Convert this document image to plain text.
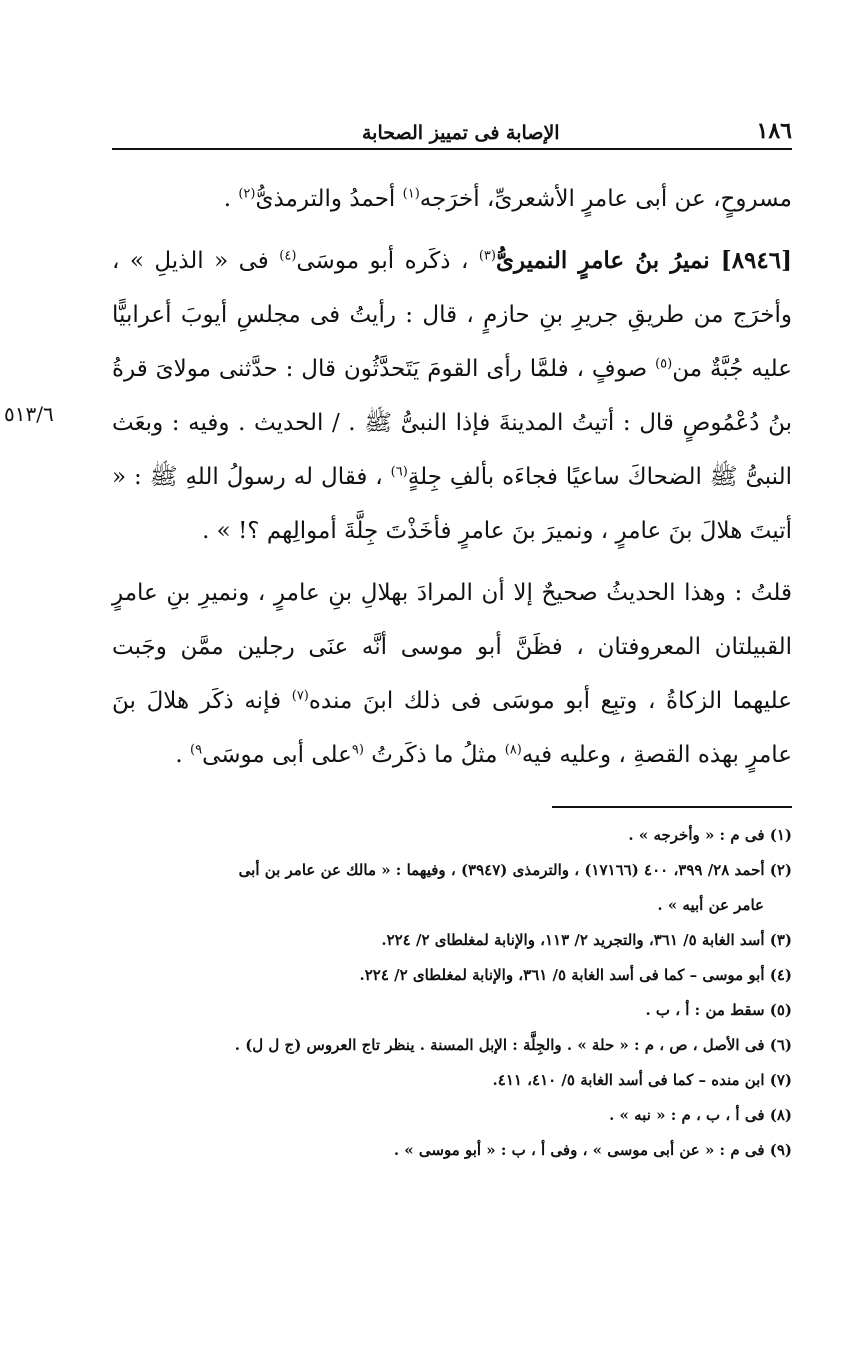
١٨٦
الإصابة فى تمييز الصحابة
٥١٣/٦

مسروحٍ، عن أبى عامرٍ الأشعرىِّ، أخرَجه$^{(١)}$ أحمدُ والترمذىُّ$^{(٢)}$ .

[٨٩٤٦] نميرُ بنُ عامرٍ النميرىُّ$^{(٣)}$ ، ذكَره أبو موسَى$^{(٤)}$ فى « الذيلِ » ، وأخرَج من طريقِ جريرِ بنِ حازمٍ ، قال : رأيتُ فى مجلسِ أيوبَ أعرابيًّا عليه جُبَّةٌ من$^{(٥)}$ صوفٍ ، فلمَّا رأى القومَ يَتَحدَّثُون قال : حدَّثنى مولاىَ قرةُ بنُ دُعْمُوصٍ قال : أتيتُ المدينةَ فإذا النبىُّ ﷺ . / الحديث . وفيه : وبعَث النبىُّ ﷺ الضحاكَ ساعيًا فجاءَه بألفِ جِلةٍ$^{(٦)}$ ، فقال له رسولُ اللهِ ﷺ : « أتيتَ هلالَ بنَ عامرٍ ، ونميرَ بنَ عامرٍ فأخَذْتَ جِلَّةَ أموالِهم ؟! » .

قلتُ : وهذا الحديثُ صحيحٌ إلا أن المرادَ بهلالِ بنِ عامرٍ ، ونميرِ بنِ عامرٍ القبيلتان المعروفتان ، فظَنَّ أبو موسى أنَّه عنَى رجلين ممَّن وجَبت عليهما الزكاةُ ، وتبِع أبو موسَى فى ذلك ابنَ منده$^{(٧)}$ فإنه ذكَر هلالَ بنَ عامرٍ بهذه القصةِ ، وعليه فيه$^{(٨)}$ مثلُ ما ذكَرتُ $^{(٩}$على أبى موسَى$^{٩)}$ .

(١) فى م : « وأخرجه » .

(٢) أحمد ٢٨/ ٣٩٩، ٤٠٠ (١٧١٦٦) ، والترمذى (٣٩٤٧) ، وفيهما : « مالك عن عامر بن أبى

عامر عن أبيه » .

(٣) أسد الغابة ٥/ ٣٦١، والتجريد ٢/ ١١٣، والإنابة لمغلطاى ٢/ ٢٢٤.

(٤) أبو موسى – كما فى أسد الغابة ٥/ ٣٦١، والإنابة لمغلطاى ٢/ ٢٢٤.

(٥) سقط من : أ ، ب .

(٦) فى الأصل ، ص ، م : « حلة » . والجِلَّة : الإبل المسنة . ينظر تاج العروس (ج ل ل) .

(٧) ابن منده – كما فى أسد الغابة ٥/ ٤١٠، ٤١١.

(٨) فى أ ، ب ، م : « نبه » .

(٩) فى م : « عن أبى موسى » ، وفى أ ، ب : « أبو موسى » .
